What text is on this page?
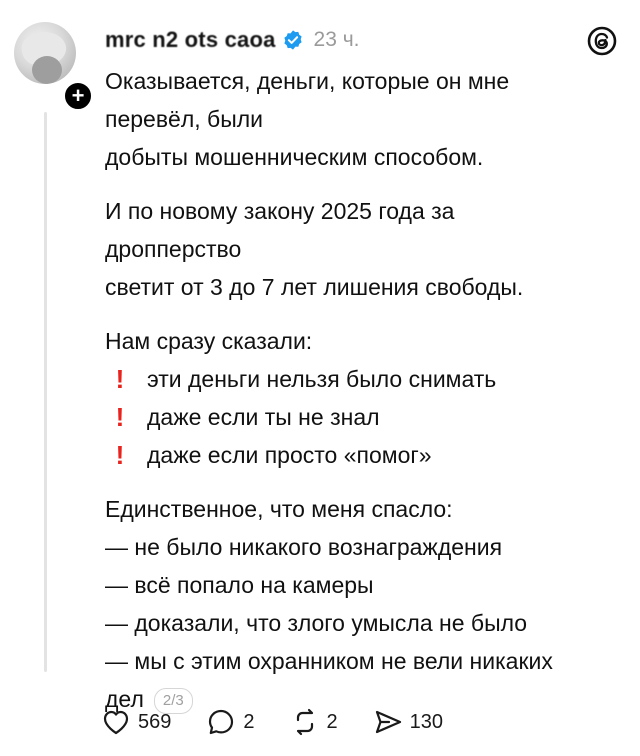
+
mrc n2 ots caoa 23 ч.
Оказывается, деньги, которые он мне
перевёл, были
добыты мошенническим способом.
И по новому закону 2025 года за
дропперство
светит от 3 до 7 лет лишения свободы.
Нам сразу сказали:
! эти деньги нельзя было снимать
! даже если ты не знал
! даже если просто «помог»
Единственное, что меня спасло:
— не было никакого вознаграждения
— всё попало на камеры
— доказали, что злого умысла не было
— мы с этим охранником не вели никаких
дел 2/3
569	2	2	130
